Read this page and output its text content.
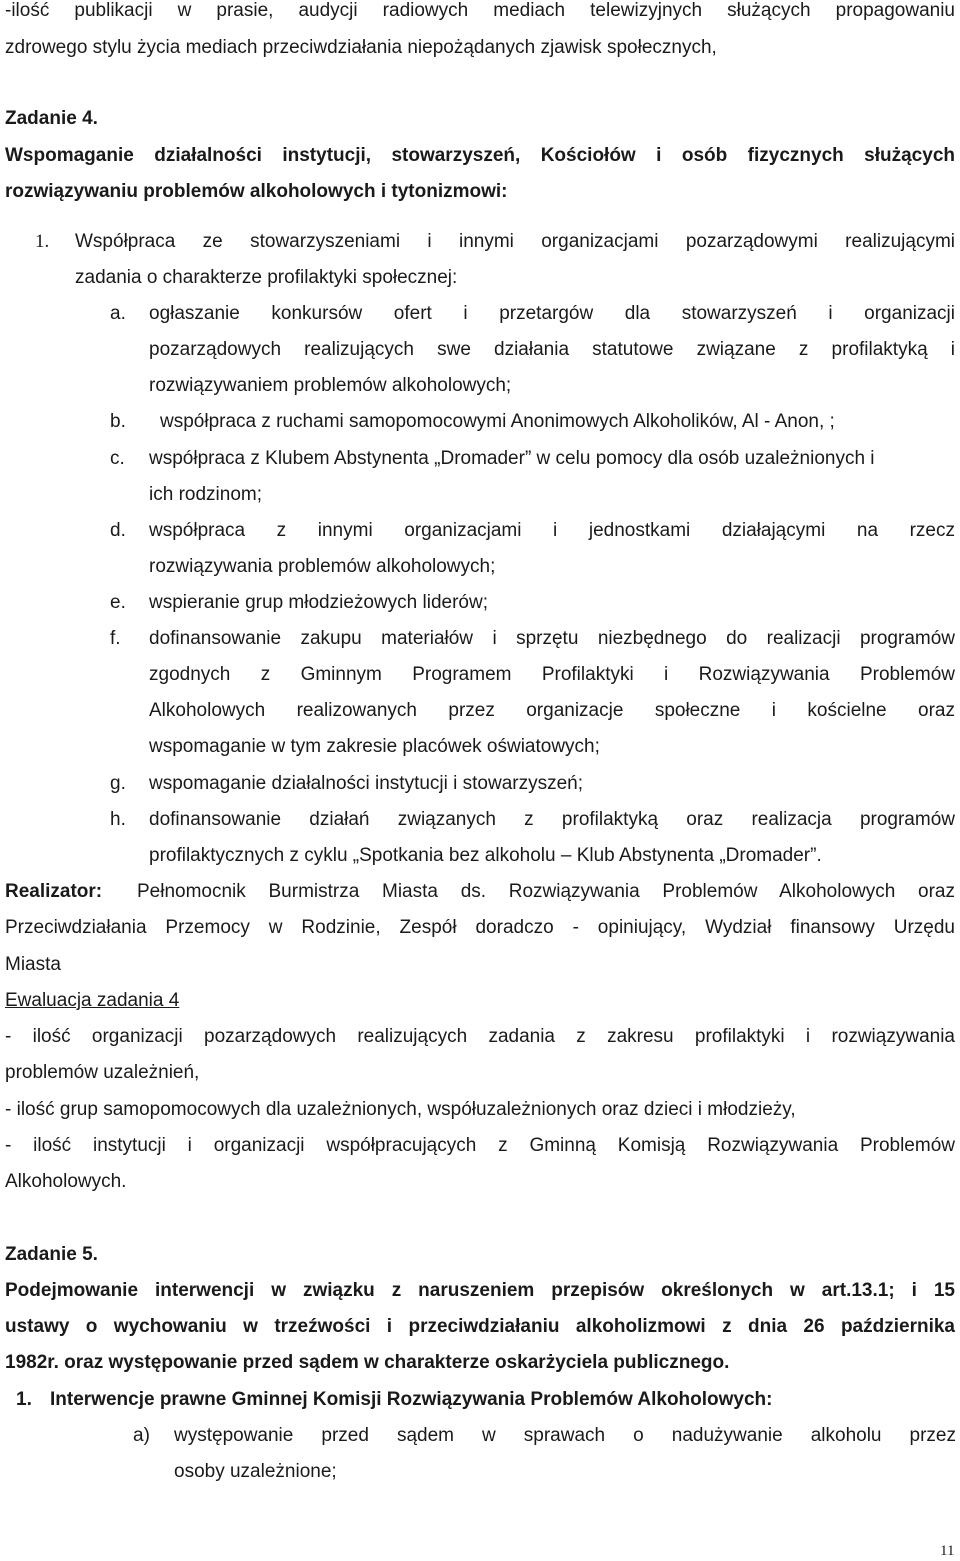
-ilość publikacji w prasie, audycji radiowych mediach telewizyjnych służących propagowaniu
zdrowego stylu życia mediach przeciwdziałania niepożądanych zjawisk społecznych,
Zadanie 4.
Wspomaganie działalności instytucji, stowarzyszeń, Kościołów i osób fizycznych służących
rozwiązywaniu problemów alkoholowych i tytonizmowi:
1. Współpraca ze stowarzyszeniami i innymi organizacjami pozarządowymi realizującymi
zadania o charakterze profilaktyki społecznej:
a. ogłaszanie konkursów ofert i przetargów dla stowarzyszeń i organizacji
pozarządowych realizujących swe działania statutowe związane z profilaktyką i
rozwiązywaniem problemów alkoholowych;
b. współpraca z ruchami samopomocowymi Anonimowych Alkoholików, Al - Anon, ;
c. współpraca z Klubem Abstynenta „Dromader” w celu pomocy dla osób uzależnionych i
ich rodzinom;
d. współpraca z innymi organizacjami i jednostkami działającymi na rzecz
rozwiązywania problemów alkoholowych;
e. wspieranie grup młodzieżowych liderów;
f. dofinansowanie zakupu materiałów i sprzętu niezbędnego do realizacji programów
zgodnych z Gminnym Programem Profilaktyki i Rozwiązywania Problemów
Alkoholowych realizowanych przez organizacje społeczne i kościelne oraz
wspomaganie w tym zakresie placówek oświatowych;
g. wspomaganie działalności instytucji i stowarzyszeń;
h. dofinansowanie działań związanych z profilaktyką oraz realizacja programów
profilaktycznych z cyklu „Spotkania bez alkoholu – Klub Abstynenta „Dromader”.
Realizator: Pełnomocnik Burmistrza Miasta ds. Rozwiązywania Problemów Alkoholowych oraz
Przeciwdziałania Przemocy w Rodzinie, Zespół doradczo - opiniujący, Wydział finansowy Urzędu
Miasta
Ewaluacja zadania 4
- ilość organizacji pozarządowych realizujących zadania z zakresu profilaktyki i rozwiązywania
problemów uzależnień,
- ilość grup samopomocowych dla uzależnionych, współuzależnionych oraz dzieci i młodzieży,
- ilość instytucji i organizacji współpracujących z Gminną Komisją Rozwiązywania Problemów
Alkoholowych.
Zadanie 5.
Podejmowanie interwencji w związku z naruszeniem przepisów określonych w art.13.1; i 15
ustawy o wychowaniu w trzeźwości i przeciwdziałaniu alkoholizmowi z dnia 26 października
1982r. oraz występowanie przed sądem w charakterze oskarżyciela publicznego.
1. Interwencje prawne Gminnej Komisji Rozwiązywania Problemów Alkoholowych:
a) występowanie przed sądem w sprawach o nadużywanie alkoholu przez
osoby uzależnione;
11
